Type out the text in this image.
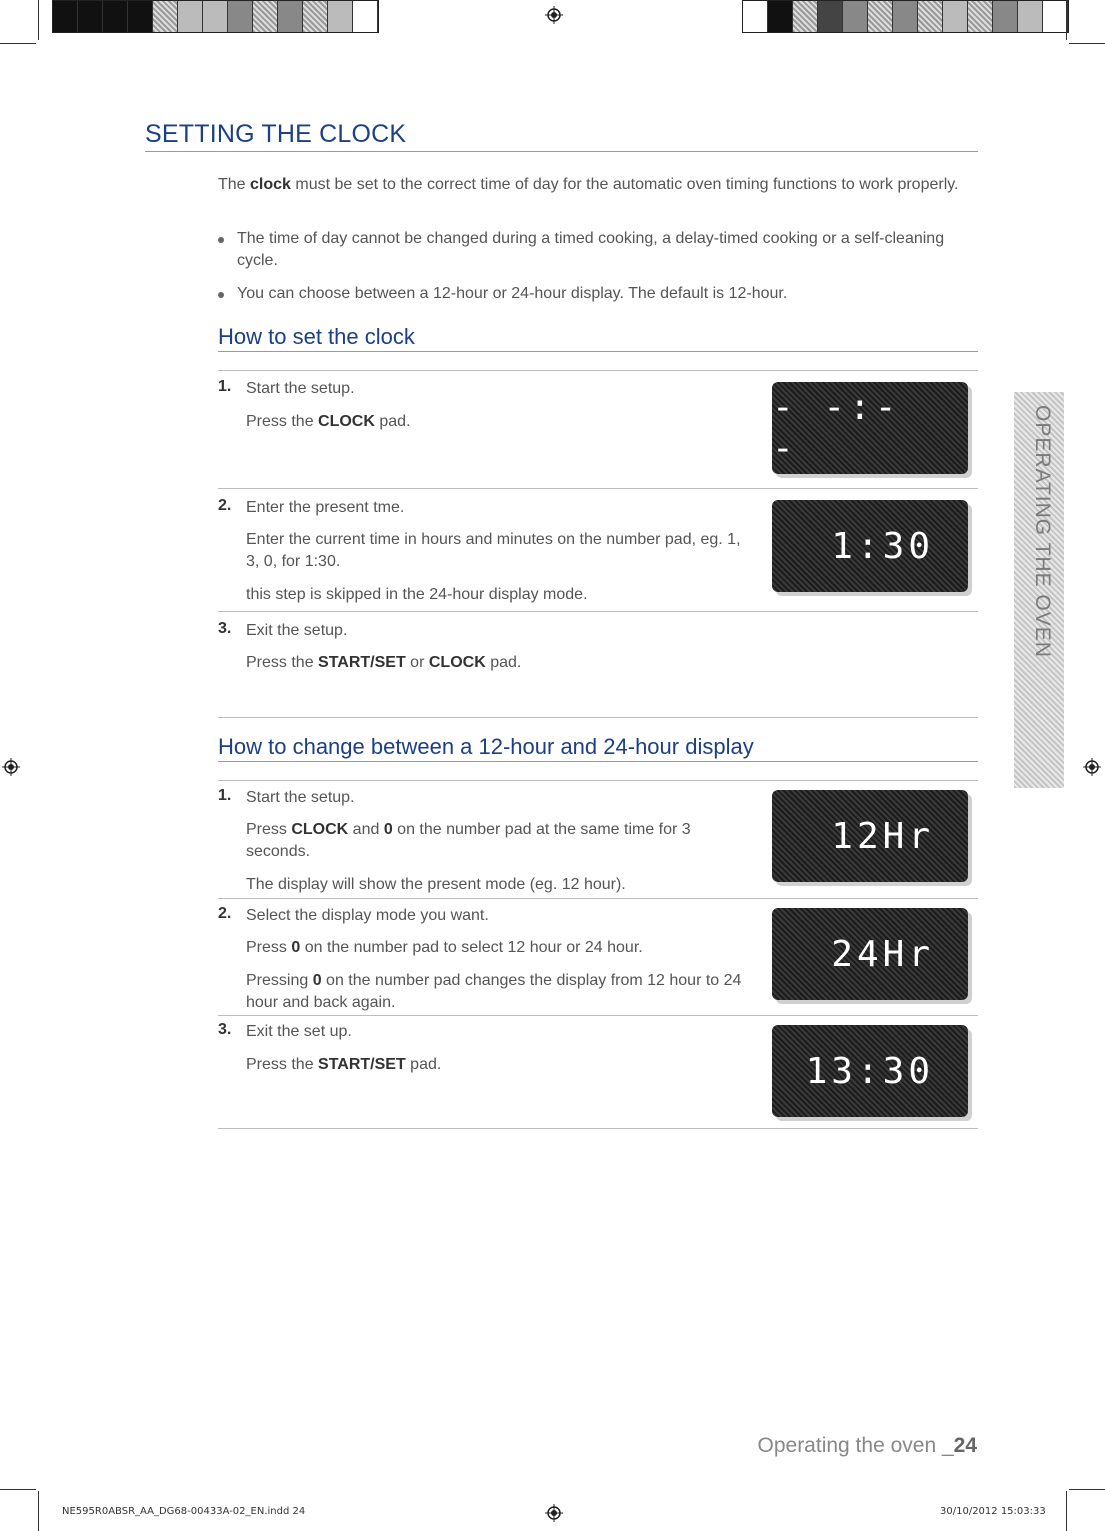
SETTING THE CLOCK
The clock must be set to the correct time of day for the automatic oven timing functions to work properly.
The time of day cannot be changed during a timed cooking, a delay-timed cooking or a self-cleaning cycle.
You can choose between a 12-hour or 24-hour display. The default is 12-hour.
How to set the clock
1. Start the setup.
Press the CLOCK pad.	- -:- -
2. Enter the present tme.
Enter the current time in hours and minutes on the number pad, eg. 1, 3, 0, for 1:30.
this step is skipped in the 24-hour display mode.
1:30
3. Exit the setup.
Press the START/SET or CLOCK pad.
How to change between a 12-hour and 24-hour display
1. Start the setup.
Press CLOCK and 0 on the number pad at the same time for 3 seconds.
The display will show the present mode (eg. 12 hour).
12Hr
2. Select the display mode you want.
Press 0 on the number pad to select 12 hour or 24 hour.
Pressing 0 on the number pad changes the display from 12 hour to 24 hour and back again.
24Hr
3. Exit the set up.
Press the START/SET pad.	13:30
OPERATING THE OVEN
Operating the oven _24
NE595R0ABSR_AA_DG68-00433A-02_EN.indd 24	30/10/2012 15:03:33
